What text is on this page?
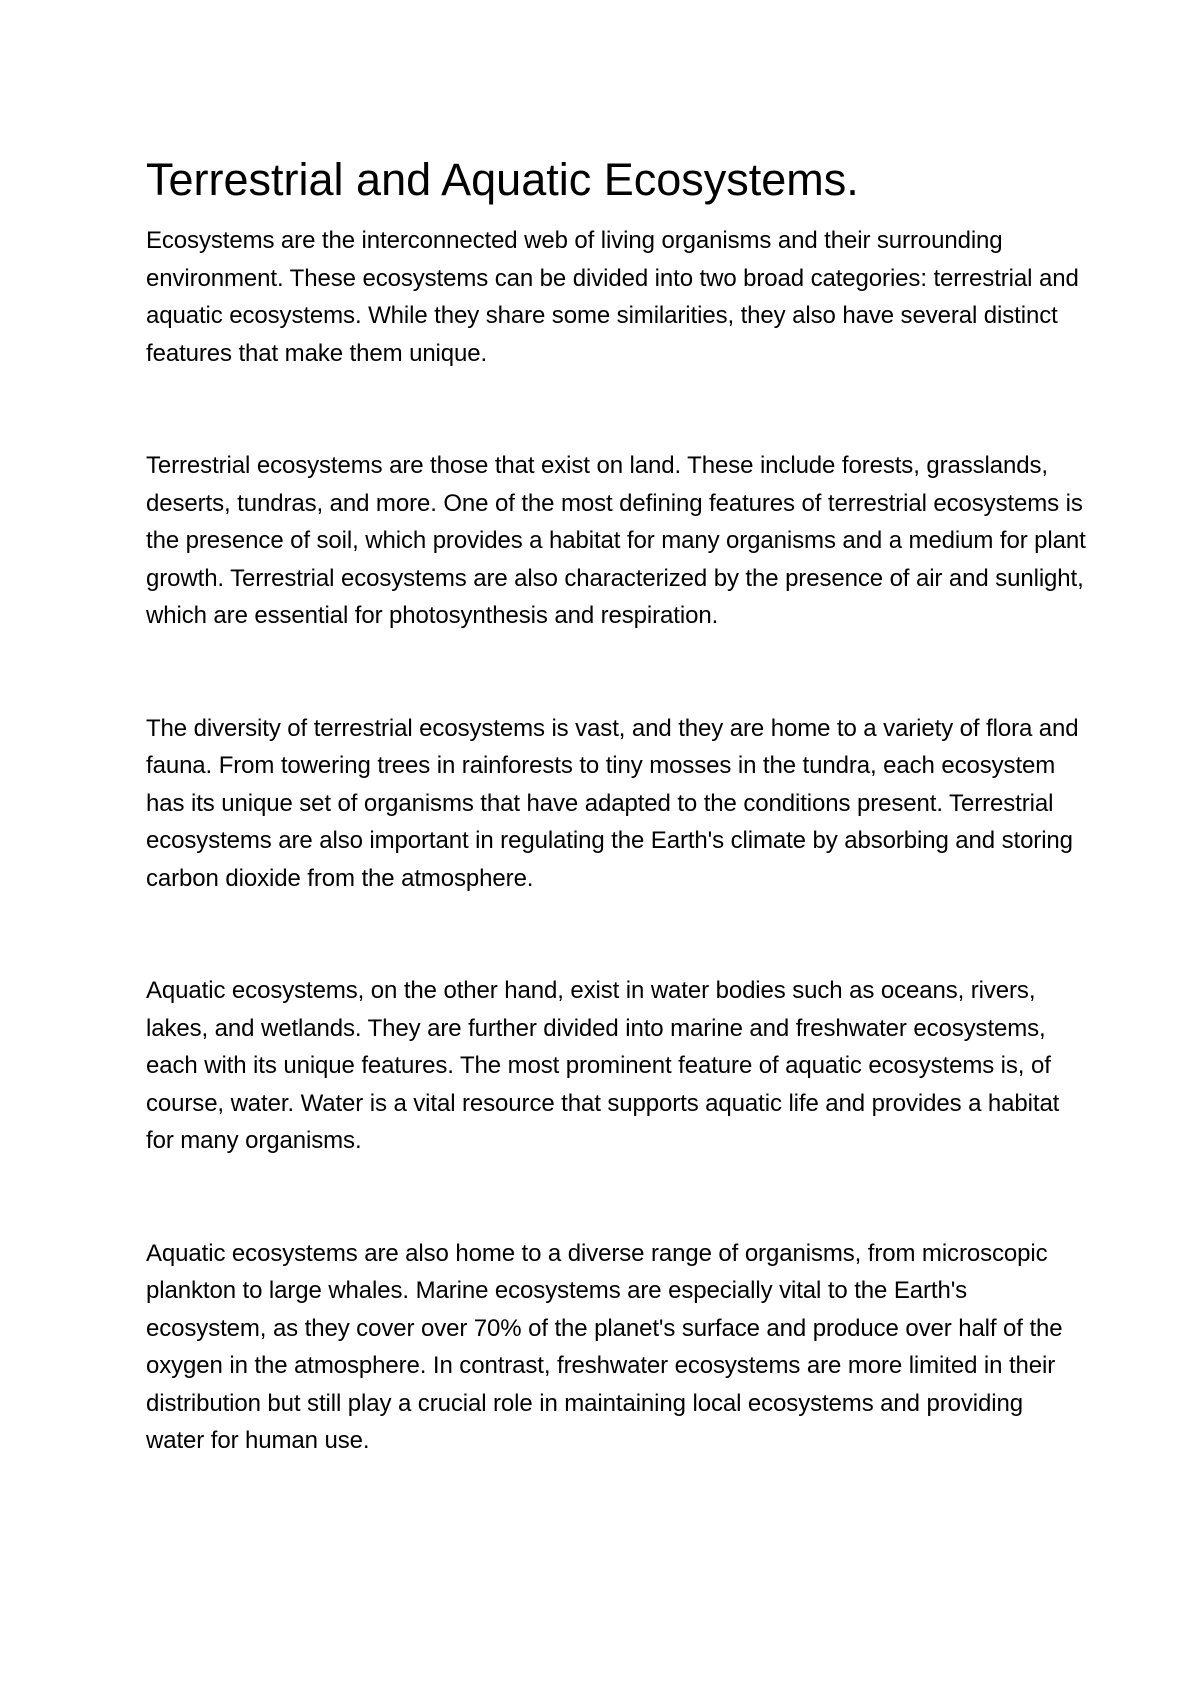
Terrestrial and Aquatic Ecosystems.

Ecosystems are the interconnected web of living organisms and their surrounding environment. These ecosystems can be divided into two broad categories: terrestrial and aquatic ecosystems. While they share some similarities, they also have several distinct features that make them unique.

Terrestrial ecosystems are those that exist on land. These include forests, grasslands, deserts, tundras, and more. One of the most defining features of terrestrial ecosystems is the presence of soil, which provides a habitat for many organisms and a medium for plant growth. Terrestrial ecosystems are also characterized by the presence of air and sunlight, which are essential for photosynthesis and respiration.

The diversity of terrestrial ecosystems is vast, and they are home to a variety of flora and fauna. From towering trees in rainforests to tiny mosses in the tundra, each ecosystem has its unique set of organisms that have adapted to the conditions present. Terrestrial ecosystems are also important in regulating the Earth's climate by absorbing and storing carbon dioxide from the atmosphere.

Aquatic ecosystems, on the other hand, exist in water bodies such as oceans, rivers, lakes, and wetlands. They are further divided into marine and freshwater ecosystems, each with its unique features. The most prominent feature of aquatic ecosystems is, of course, water. Water is a vital resource that supports aquatic life and provides a habitat for many organisms.

Aquatic ecosystems are also home to a diverse range of organisms, from microscopic plankton to large whales. Marine ecosystems are especially vital to the Earth's ecosystem, as they cover over 70% of the planet's surface and produce over half of the oxygen in the atmosphere. In contrast, freshwater ecosystems are more limited in their distribution but still play a crucial role in maintaining local ecosystems and providing water for human use.
